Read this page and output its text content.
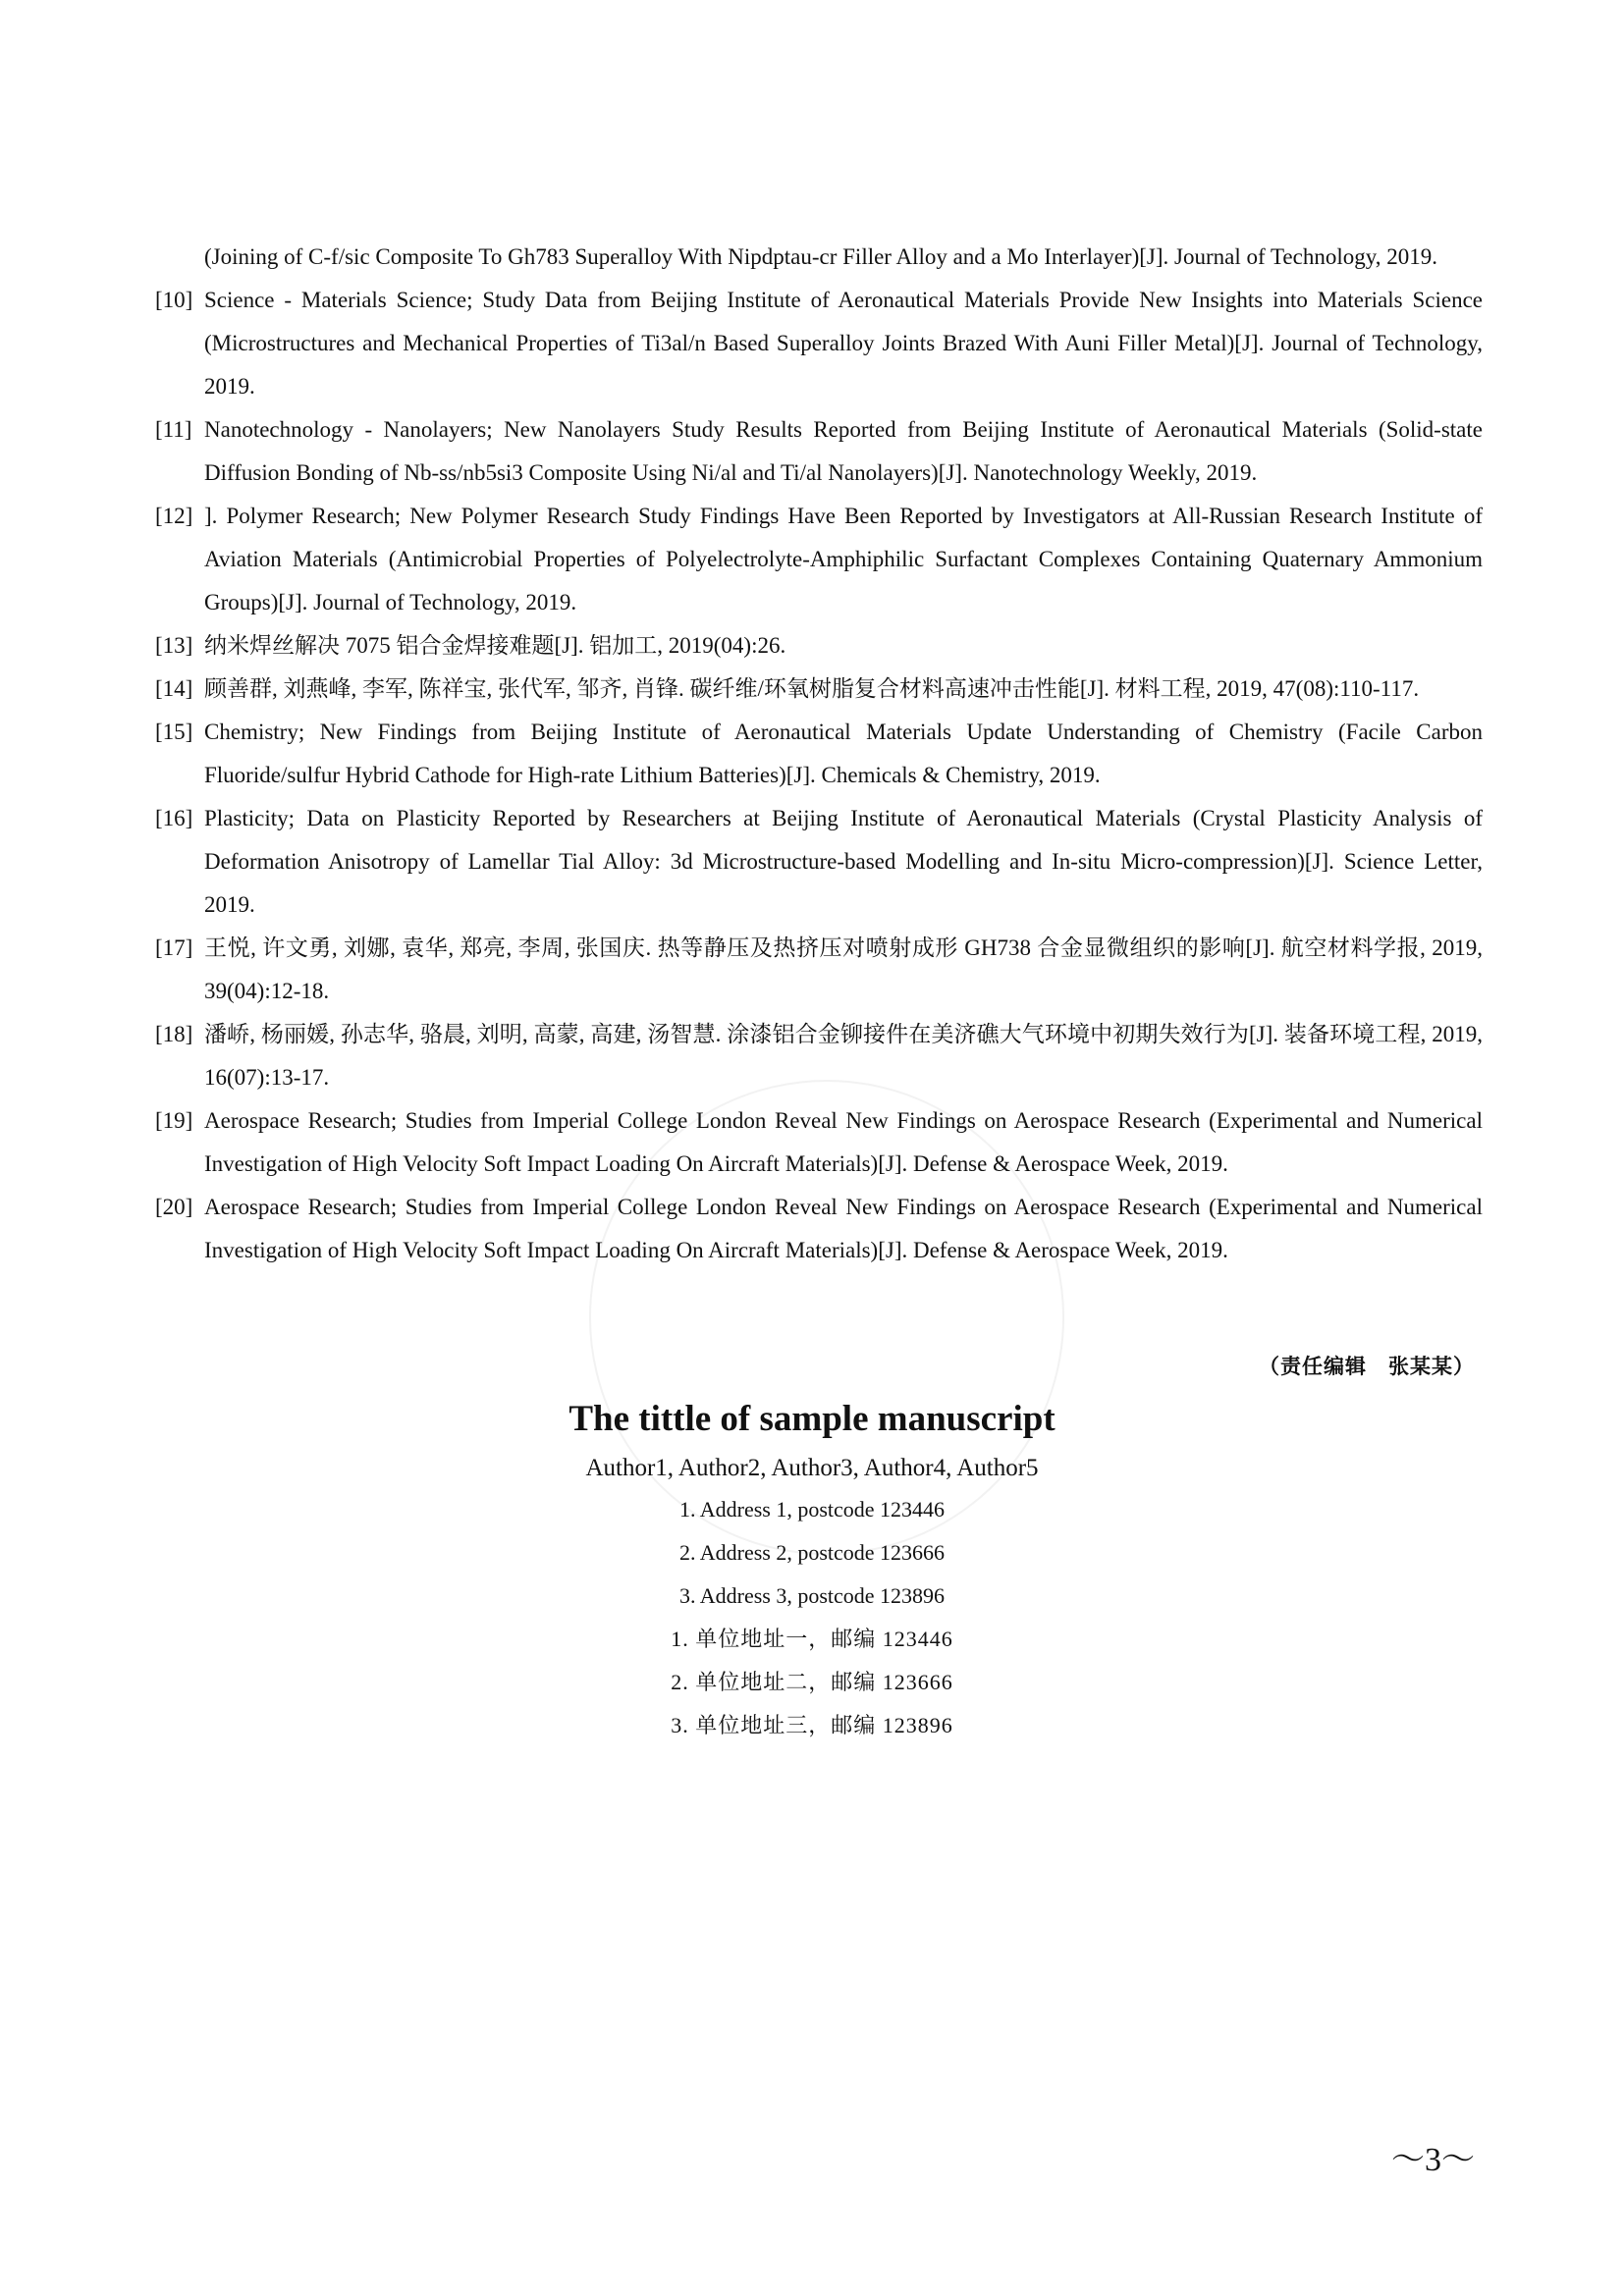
(Joining of C-f/sic Composite To Gh783 Superalloy With Nipdptau-cr Filler Alloy and a Mo Interlayer)[J]. Journal of Technology, 2019.
[10] Science - Materials Science; Study Data from Beijing Institute of Aeronautical Materials Provide New Insights into Materials Science (Microstructures and Mechanical Properties of Ti3al/n Based Superalloy Joints Brazed With Auni Filler Metal)[J]. Journal of Technology, 2019.
[11] Nanotechnology - Nanolayers; New Nanolayers Study Results Reported from Beijing Institute of Aeronautical Materials (Solid-state Diffusion Bonding of Nb-ss/nb5si3 Composite Using Ni/al and Ti/al Nanolayers)[J]. Nanotechnology Weekly, 2019.
[12] ]. Polymer Research; New Polymer Research Study Findings Have Been Reported by Investigators at All-Russian Research Institute of Aviation Materials (Antimicrobial Properties of Polyelectrolyte-Amphiphilic Surfactant Complexes Containing Quaternary Ammonium Groups)[J]. Journal of Technology, 2019.
[13] 纳米焊丝解决 7075 铝合金焊接难题[J]. 铝加工, 2019(04):26.
[14] 顾善群, 刘燕峰, 李军, 陈祥宝, 张代军, 邹齐, 肖锋. 碳纤维/环氧树脂复合材料高速冲击性能[J]. 材料工程, 2019, 47(08):110-117.
[15] Chemistry; New Findings from Beijing Institute of Aeronautical Materials Update Understanding of Chemistry (Facile Carbon Fluoride/sulfur Hybrid Cathode for High-rate Lithium Batteries)[J]. Chemicals & Chemistry, 2019.
[16] Plasticity; Data on Plasticity Reported by Researchers at Beijing Institute of Aeronautical Materials (Crystal Plasticity Analysis of Deformation Anisotropy of Lamellar Tial Alloy: 3d Microstructure-based Modelling and In-situ Micro-compression)[J]. Science Letter, 2019.
[17] 王悦, 许文勇, 刘娜, 袁华, 郑亮, 李周, 张国庆. 热等静压及热挤压对喷射成形 GH738 合金显微组织的影响[J]. 航空材料学报, 2019, 39(04):12-18.
[18] 潘峤, 杨丽媛, 孙志华, 骆晨, 刘明, 高蒙, 高建, 汤智慧. 涂漆铝合金铆接件在美济礁大气环境中初期失效行为[J]. 装备环境工程, 2019, 16(07):13-17.
[19] Aerospace Research; Studies from Imperial College London Reveal New Findings on Aerospace Research (Experimental and Numerical Investigation of High Velocity Soft Impact Loading On Aircraft Materials)[J]. Defense & Aerospace Week, 2019.
[20] Aerospace Research; Studies from Imperial College London Reveal New Findings on Aerospace Research (Experimental and Numerical Investigation of High Velocity Soft Impact Loading On Aircraft Materials)[J]. Defense & Aerospace Week, 2019.
（责任编辑　张某某）
The tittle of sample manuscript
Author1, Author2, Author3, Author4, Author5
1. Address 1, postcode 123446
2. Address 2, postcode 123666
3. Address 3, postcode 123896
1. 单位地址一，邮编 123446
2. 单位地址二，邮编 123666
3. 单位地址三，邮编 123896
～3～
